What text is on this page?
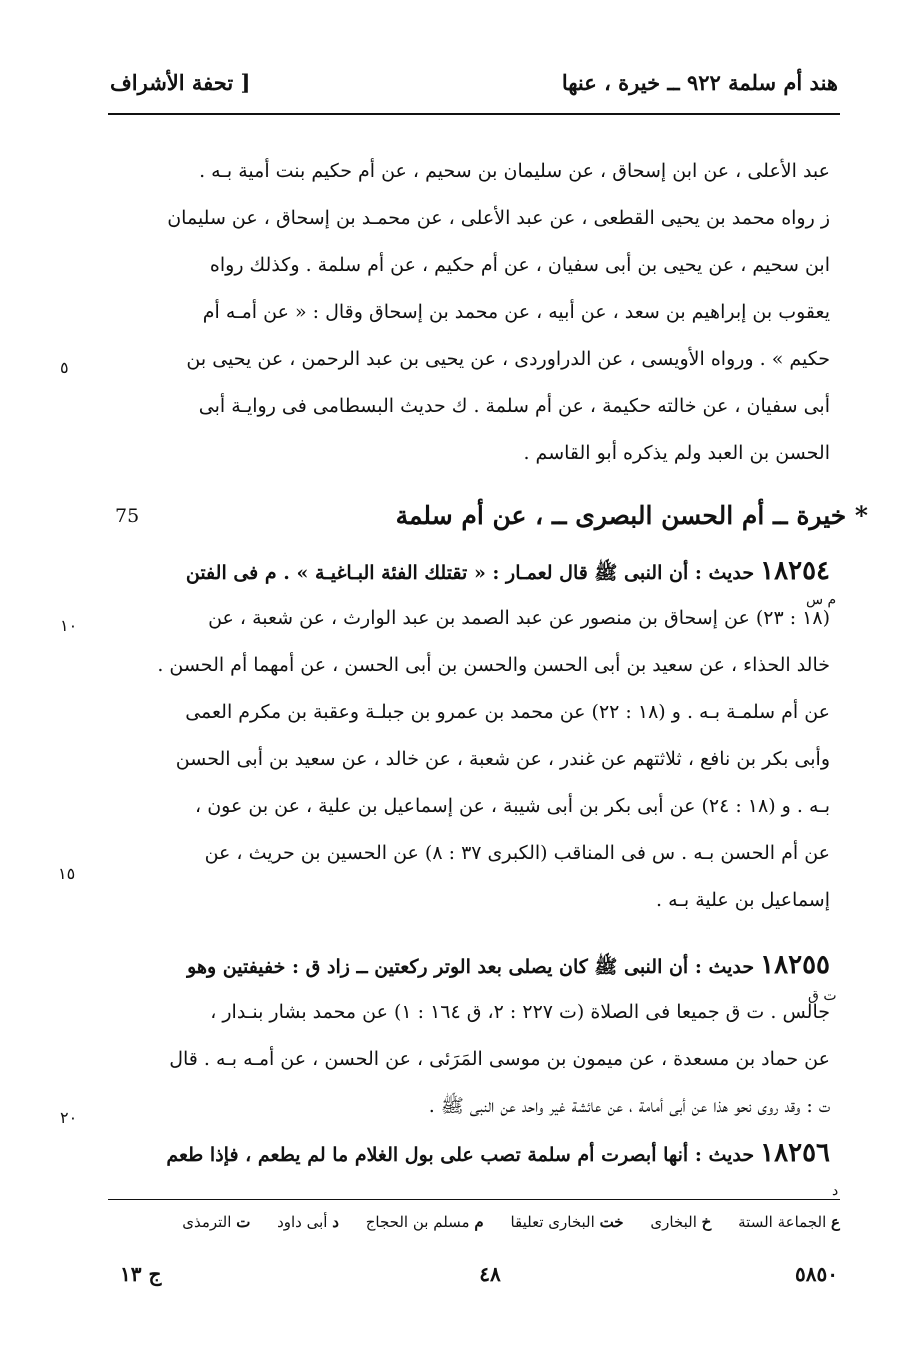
هند أم سلمة ٩٢٢ ــ خيرة ، عنها
[ تحفة الأشراف
عبد الأعلى ، عن ابن إسحاق ، عن سليمان بن سحيم ، عن أم حكيم بنت أمية بـه .
ز رواه محمد بن يحيى القطعى ، عن عبد الأعلى ، عن محمـد بن إسحاق ، عن سليمان
ابن سحيم ، عن يحيى بن أبى سفيان ، عن أم حكيم ، عن أم سلمة . وكذلك رواه
يعقوب بن إبراهيم بن سعد ، عن أبيه ، عن محمد بن إسحاق وقال : « عن أمـه أم
حكيم » . ورواه الأويسى ، عن الدراوردى ، عن يحيى بن عبد الرحمن ، عن يحيى بن
أبى سفيان ، عن خالته حكيمة ، عن أم سلمة . ك حديث البسطامى فى روايـة أبى
الحسن بن العبد ولم يذكره أبو القاسم .
75	* خيرة ــ أم الحسن البصرى ــ ، عن أم سلمة
١٨٢٥٤ حديث : أن النبى ﷺ قال لعمـار : « تقتلك الفئة البـاغيـة » . م فى الفتن
(١٨ : ٢٣) عن إسحاق بن منصور عن عبد الصمد بن عبد الوارث ، عن شعبة ، عن
خالد الحذاء ، عن سعيد بن أبى الحسن والحسن بن أبى الحسن ، عن أمهما أم الحسن .
عن أم سلمـة بـه . و (١٨ : ٢٢) عن محمد بن عمرو بن جبلـة وعقبة بن مكرم العمى
وأبى بكر بن نافع ، ثلاثتهم عن غندر ، عن شعبة ، عن خالد ، عن سعيد بن أبى الحسن
بـه . و (١٨ : ٢٤) عن أبى بكر بن أبى شيبة ، عن إسماعيل بن علية ، عن بن عون ،
عن أم الحسن بـه . س فى المناقب (الكبرى ٣٧ : ٨) عن الحسين بن حريث ، عن
إسماعيل بن علية بـه .
١٨٢٥٥ حديث : أن النبى ﷺ كان يصلى بعد الوتر ركعتين ــ زاد ق : خفيفتين وهو
جالس . ت ق جميعا فى الصلاة (ت ٢٢٧ : ٢، ق ١٦٤ : ١) عن محمد بشار بنـدار ،
عن حماد بن مسعدة ، عن ميمون بن موسى المَرَئى ، عن الحسن ، عن أمـه بـه . قال
ت : وقد روى نحو هذا عن أبى أمامة ، عن عائشة غير واحد عن النبى ﷺ .
١٨٢٥٦ حديث : أنها أبصرت أم سلمة تصب على بول الغلام ما لم يطعم ، فإذا طعم
٥
١٠
١٥
٢٠
م س
ت ق
د
ع الجماعة الستة خ البخارى خت البخارى تعليقا م مسلم بن الحجاج د أبى داود ت الترمذى
ج ١٣	٤٨	٥٨٥٠
